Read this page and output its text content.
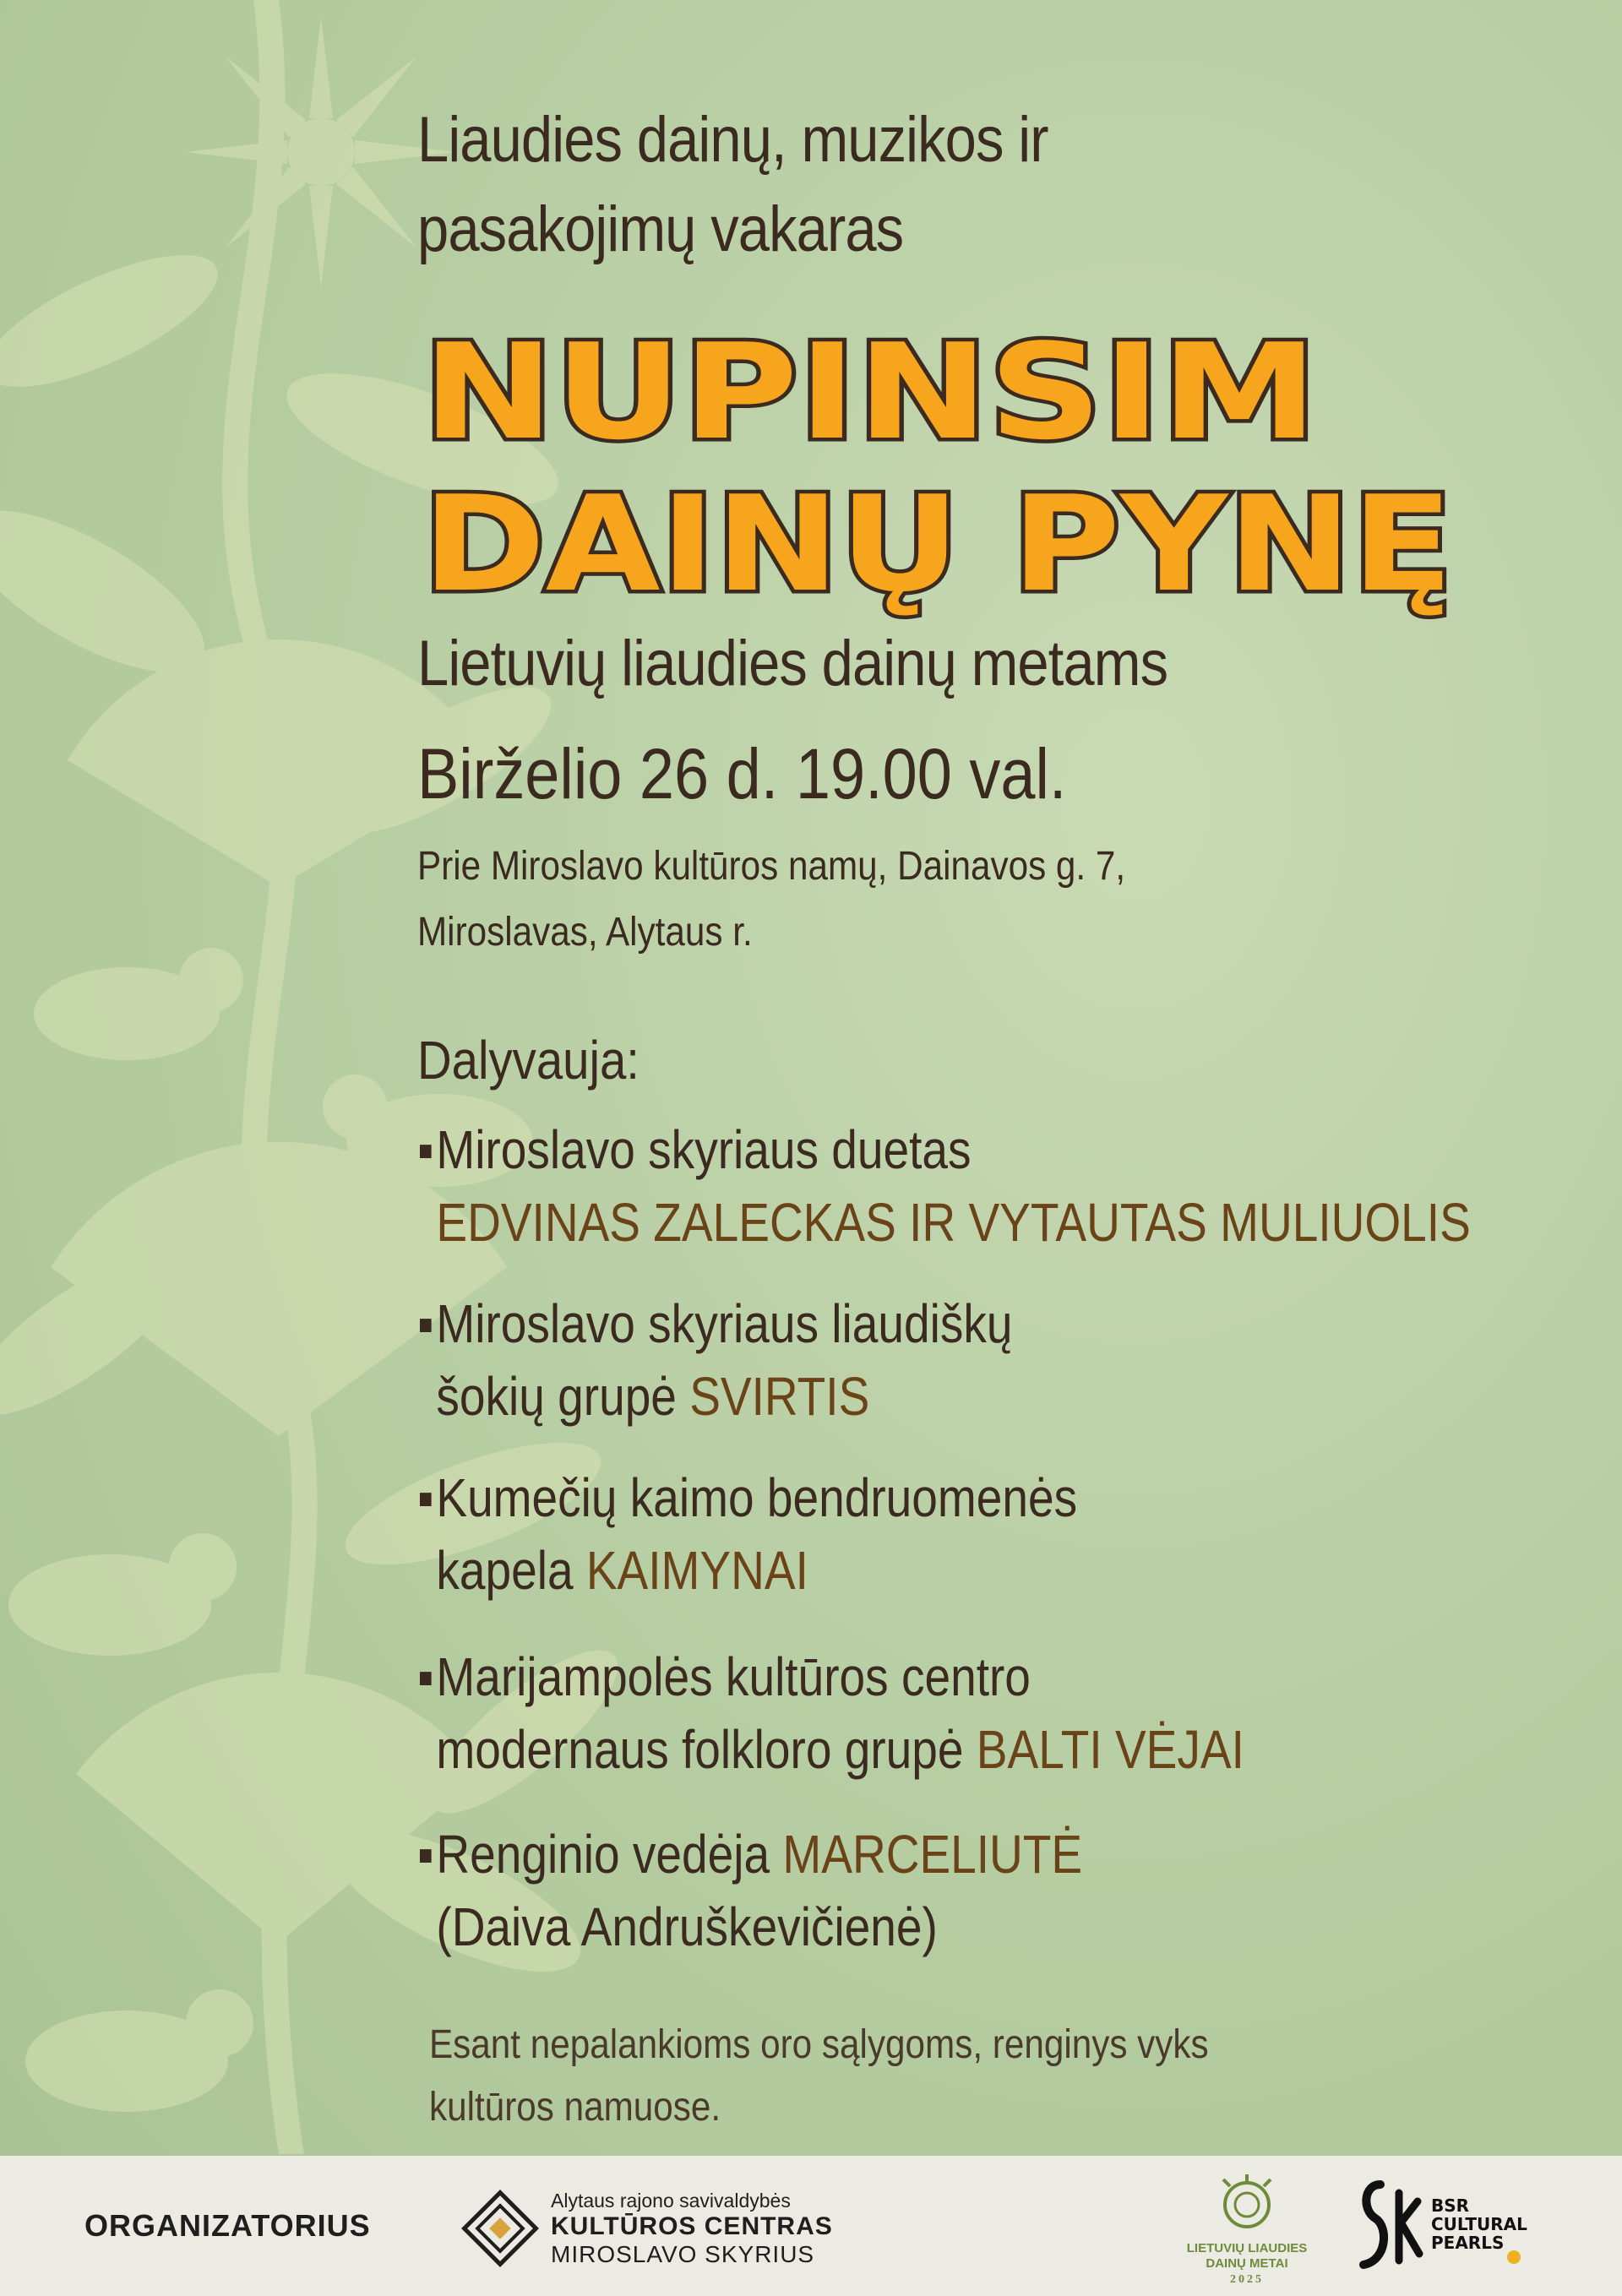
Liaudies dainų, muzikos ir
pasakojimų vakaras
NUPINSIM
DAINŲ PYNĘ
Lietuvių liaudies dainų metams
Birželio 26 d. 19.00 val.
Prie Miroslavo kultūros namų, Dainavos g. 7,
Miroslavas, Alytaus r.
Dalyvauja:
▪Miroslavo skyriaus duetas
EDVINAS ZALECKAS IR VYTAUTAS MULIUOLIS
▪Miroslavo skyriaus liaudiškų
šokių grupė SVIRTIS
▪Kumečių kaimo bendruomenės
kapela KAIMYNAI
▪Marijampolės kultūros centro
modernaus folkloro grupė BALTI VĖJAI
▪Renginio vedėja MARCELIUTĖ
(Daiva Andruškevičienė)
Esant nepalankioms oro sąlygoms, renginys vyks
kultūros namuose.
ORGANIZATORIUS
Alytaus rajono savivaldybės
KULTŪROS CENTRAS
MIROSLAVO SKYRIUS	LIETUVIŲ LIAUDIES
DAINŲ METAI
2025
BSR
CULTURAL
PEARLS
